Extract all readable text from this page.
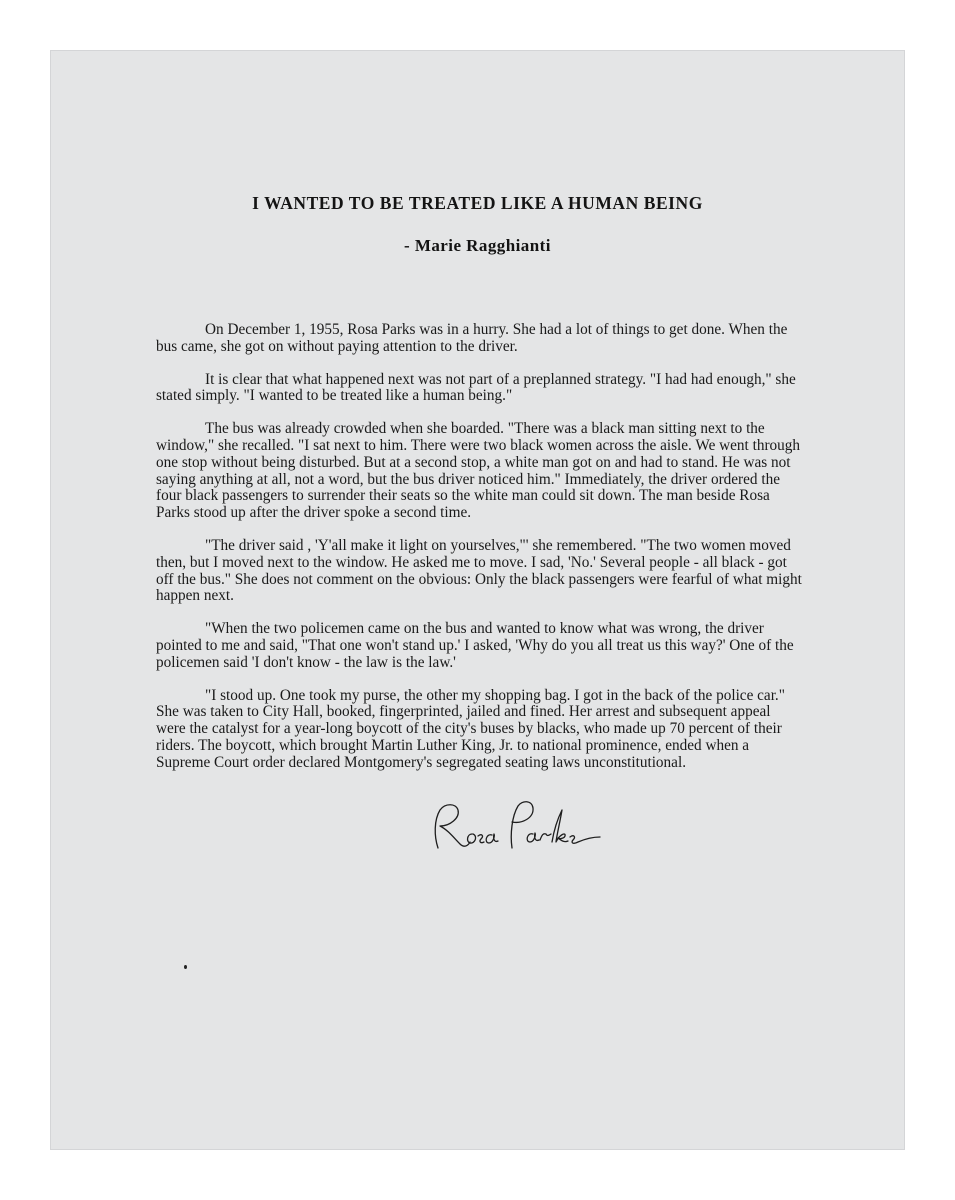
I WANTED TO BE TREATED LIKE A HUMAN BEING
- Marie Ragghianti

On December 1, 1955, Rosa Parks was in a hurry. She had a lot of things to get done. When the bus came, she got on without paying attention to the driver.

It is clear that what happened next was not part of a preplanned strategy. "I had had enough," she stated simply. "I wanted to be treated like a human being."

The bus was already crowded when she boarded. "There was a black man sitting next to the window," she recalled. "I sat next to him. There were two black women across the aisle. We went through one stop without being disturbed. But at a second stop, a white man got on and had to stand. He was not saying anything at all, not a word, but the bus driver noticed him." Immediately, the driver ordered the four black passengers to surrender their seats so the white man could sit down. The man beside Rosa Parks stood up after the driver spoke a second time.

"The driver said , 'Y'all make it light on yourselves,"' she remembered. "The two women moved then, but I moved next to the window. He asked me to move. I sad, 'No.' Several people - all black - got off the bus." She does not comment on the obvious: Only the black passengers were fearful of what might happen next.

"When the two policemen came on the bus and wanted to know what was wrong, the driver pointed to me and said, "That one won't stand up.' I asked, 'Why do you all treat us this way?' One of the policemen said 'I don't know - the law is the law.'

"I stood up. One took my purse, the other my shopping bag. I got in the back of the police car." She was taken to City Hall, booked, fingerprinted, jailed and fined. Her arrest and subsequent appeal were the catalyst for a year-long boycott of the city's buses by blacks, who made up 70 percent of their riders. The boycott, which brought Martin Luther King, Jr. to national prominence, ended when a Supreme Court order declared Montgomery's segregated seating laws unconstitutional.
